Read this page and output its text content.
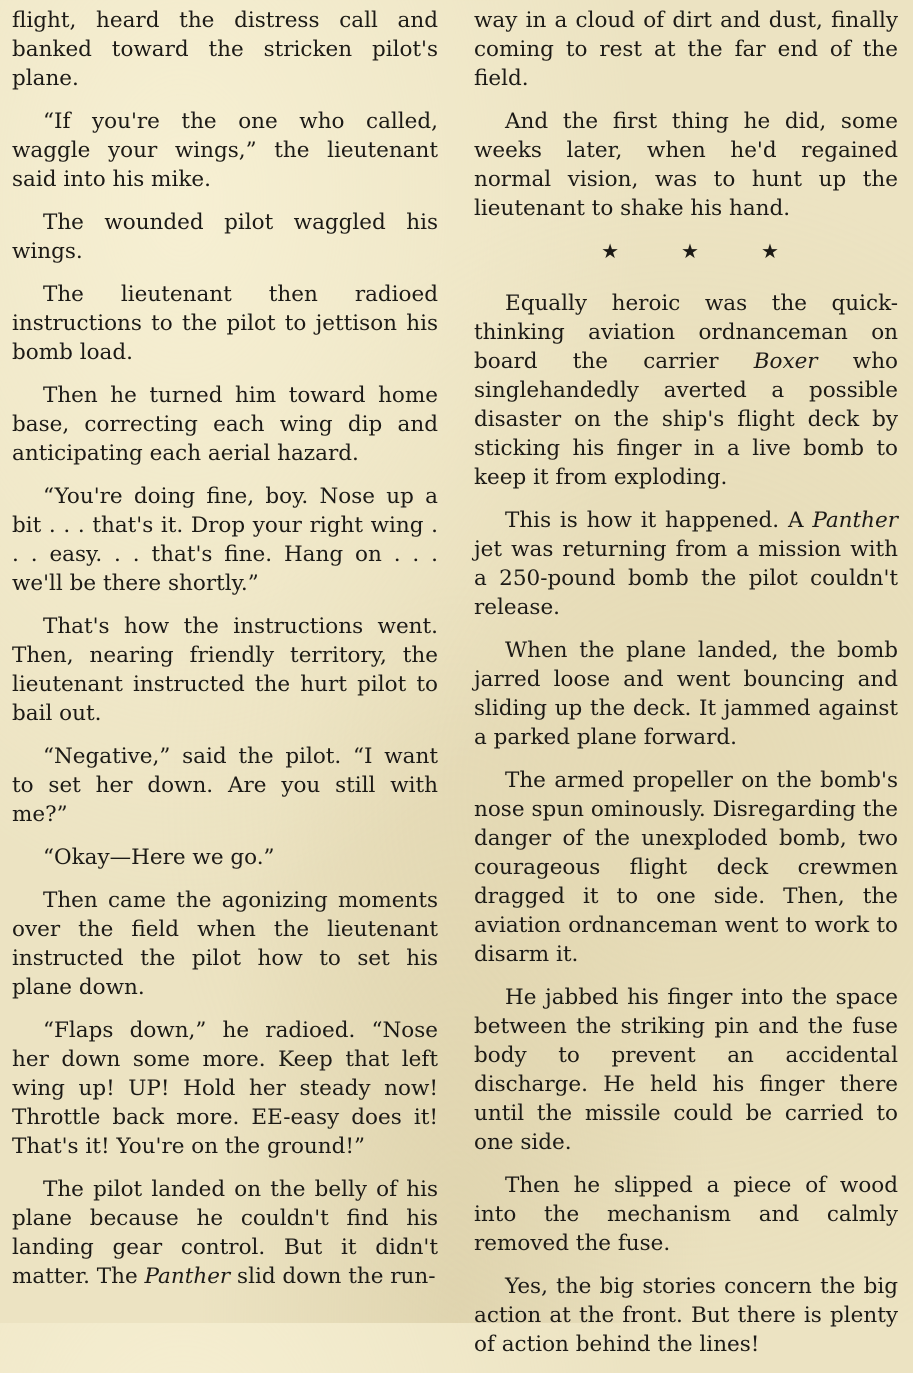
flight, heard the distress call and banked toward the stricken pilot's plane.

“If you're the one who called, waggle your wings,” the lieutenant said into his mike.

The wounded pilot waggled his wings.

The lieutenant then radioed instructions to the pilot to jettison his bomb load.

Then he turned him toward home base, correcting each wing dip and anticipating each aerial hazard.

“You're doing fine, boy. Nose up a bit . . . that's it. Drop your right wing . . . easy. . . that's fine. Hang on . . . we'll be there shortly.”

That's how the instructions went. Then, nearing friendly territory, the lieutenant instructed the hurt pilot to bail out.

“Negative,” said the pilot. “I want to set her down. Are you still with me?”

“Okay—Here we go.”

Then came the agonizing moments over the field when the lieutenant instructed the pilot how to set his plane down.

“Flaps down,” he radioed. “Nose her down some more. Keep that left wing up! UP! Hold her steady now! Throttle back more. EE-easy does it! That's it! You're on the ground!”

The pilot landed on the belly of his plane because he couldn't find his landing gear control. But it didn't matter. The Panther slid down the run-

way in a cloud of dirt and dust, finally coming to rest at the far end of the field.

And the first thing he did, some weeks later, when he'd regained normal vision, was to hunt up the lieutenant to shake his hand.

★	★	★

Equally heroic was the quick-thinking aviation ordnanceman on board the carrier Boxer who singlehandedly averted a possible disaster on the ship's flight deck by sticking his finger in a live bomb to keep it from exploding.

This is how it happened. A Panther jet was returning from a mission with a 250-pound bomb the pilot couldn't release.

When the plane landed, the bomb jarred loose and went bouncing and sliding up the deck. It jammed against a parked plane forward.

The armed propeller on the bomb's nose spun ominously. Disregarding the danger of the unexploded bomb, two courageous flight deck crewmen dragged it to one side. Then, the aviation ordnanceman went to work to disarm it.

He jabbed his finger into the space between the striking pin and the fuse body to prevent an accidental discharge. He held his finger there until the missile could be carried to one side.

Then he slipped a piece of wood into the mechanism and calmly removed the fuse.

Yes, the big stories concern the big action at the front. But there is plenty of action behind the lines!
